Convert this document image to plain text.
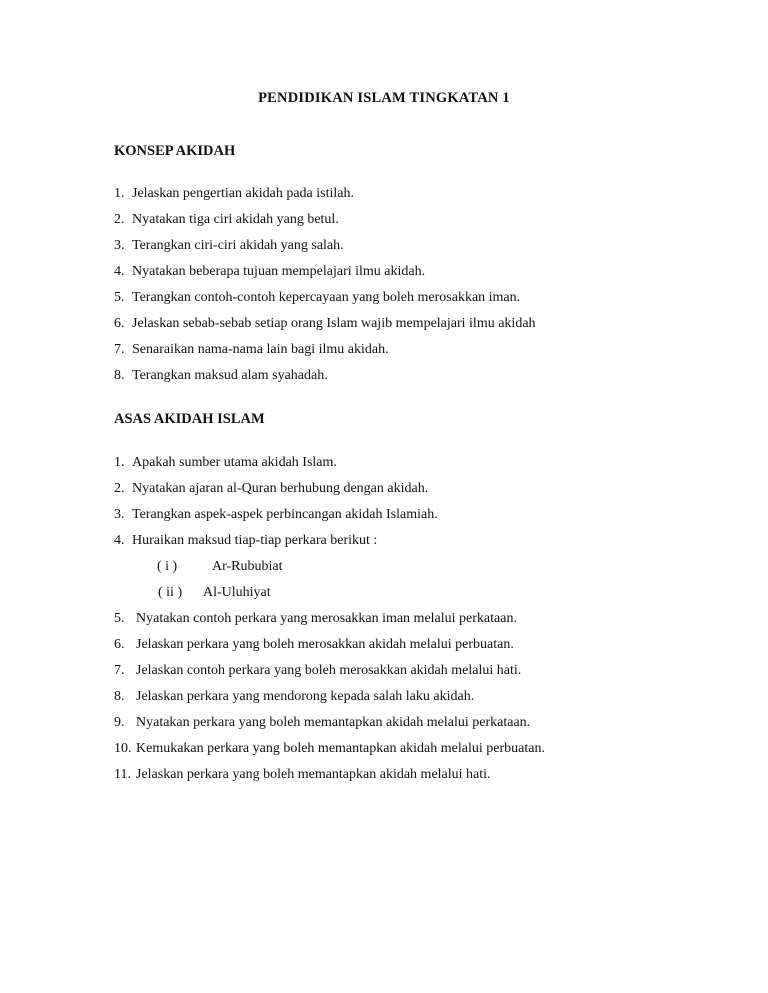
PENDIDIKAN ISLAM TINGKATAN 1
KONSEP AKIDAH
1. Jelaskan pengertian akidah pada istilah.
2. Nyatakan tiga ciri akidah yang betul.
3. Terangkan ciri-ciri akidah yang salah.
4. Nyatakan beberapa tujuan mempelajari ilmu akidah.
5. Terangkan contoh-contoh kepercayaan yang boleh merosakkan iman.
6. Jelaskan sebab-sebab setiap orang Islam wajib mempelajari ilmu akidah
7. Senaraikan nama-nama lain bagi ilmu akidah.
8. Terangkan maksud alam syahadah.
ASAS AKIDAH ISLAM
1. Apakah sumber utama akidah Islam.
2. Nyatakan ajaran al-Quran berhubung dengan akidah.
3. Terangkan aspek-aspek perbincangan akidah Islamiah.
4. Huraikan maksud tiap-tiap perkara berikut :
( i ) Ar-Rububiat
( ii ) Al-Uluhiyat
5. Nyatakan contoh perkara yang merosakkan iman melalui perkataan.
6. Jelaskan perkara yang boleh merosakkan akidah melalui perbuatan.
7. Jelaskan contoh perkara yang boleh merosakkan akidah melalui hati.
8. Jelaskan perkara yang mendorong kepada salah laku akidah.
9. Nyatakan perkara yang boleh memantapkan akidah melalui perkataan.
10. Kemukakan perkara yang boleh memantapkan akidah melalui perbuatan.
11. Jelaskan perkara yang boleh memantapkan akidah melalui hati.
